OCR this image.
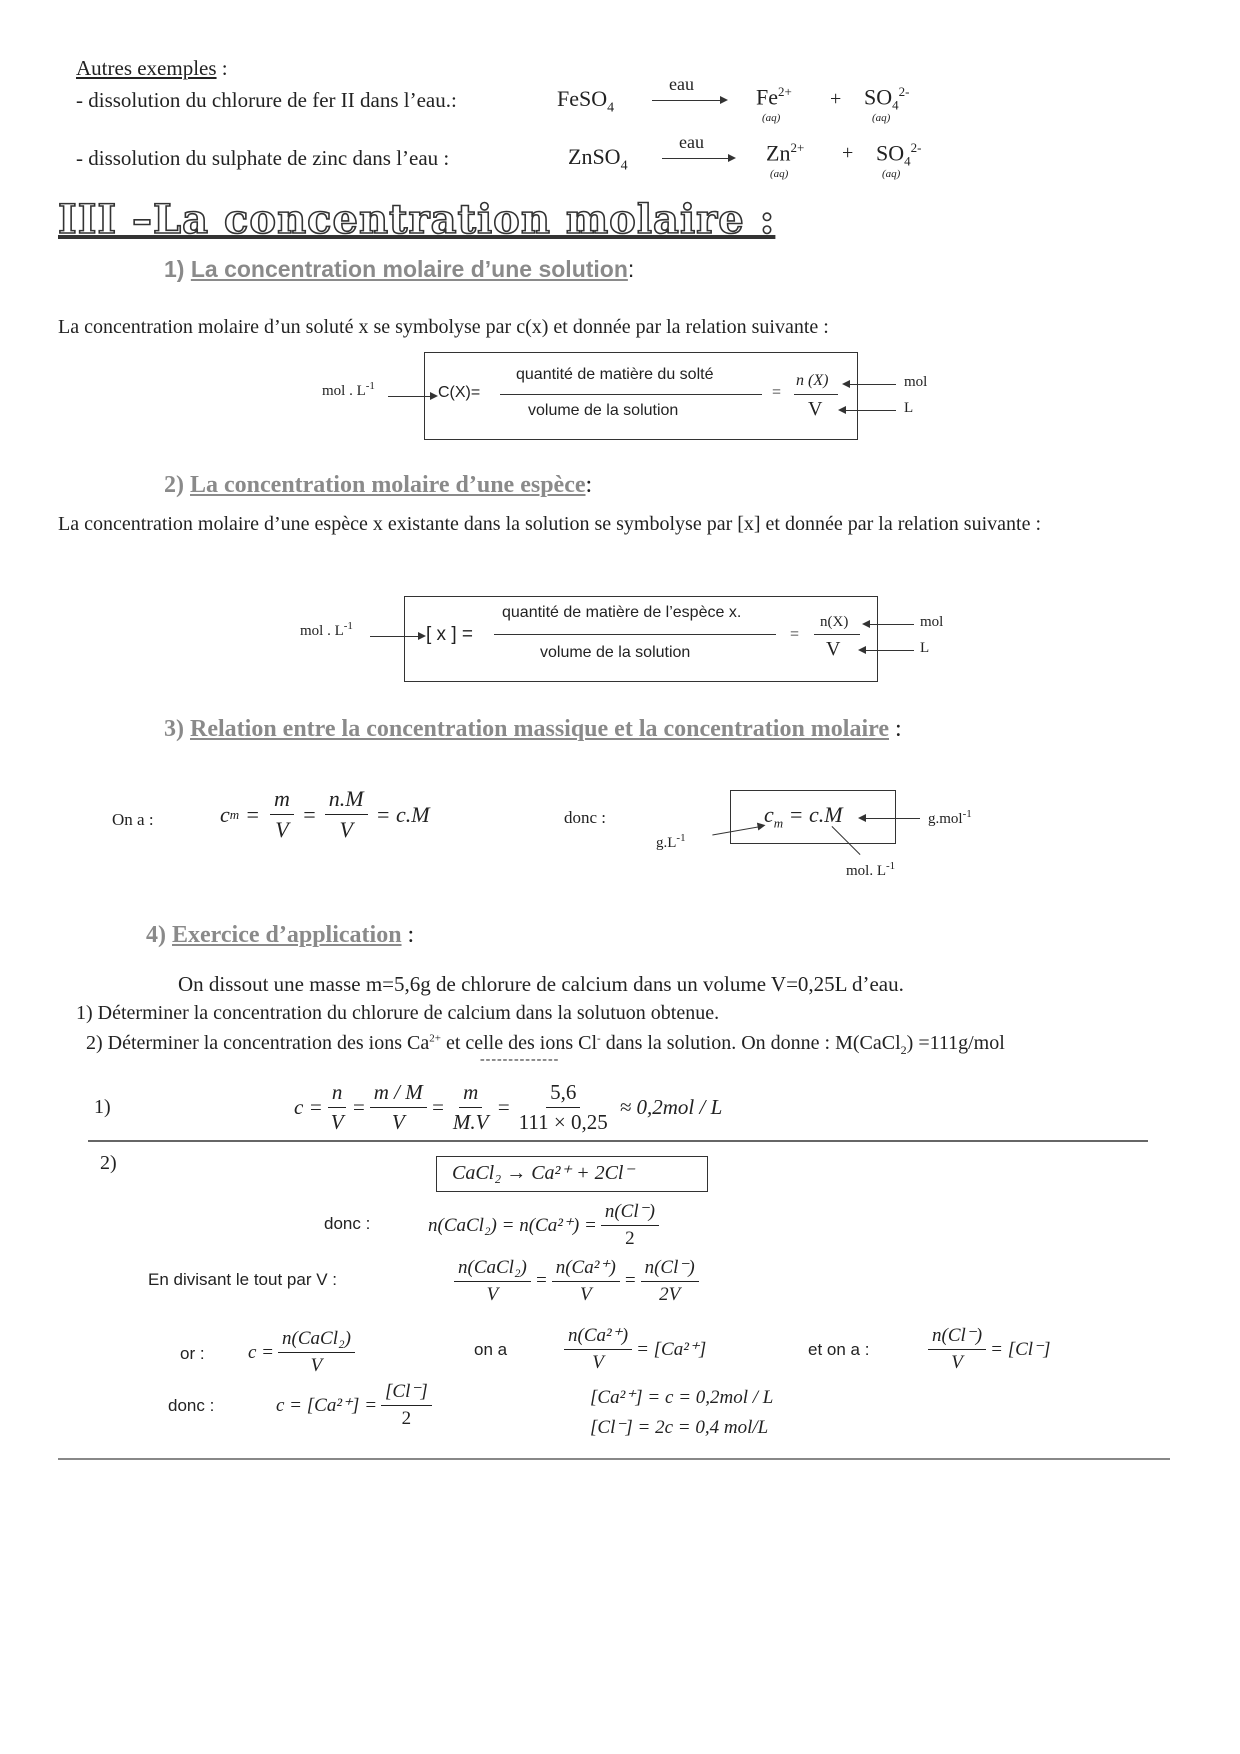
Autres exemples :
- dissolution du chlorure de fer II dans l’eau.:	FeSO$_4$
eau
$Fe^{2+}$
(aq)
+ $SO_4^{2-}$
(aq)
- dissolution du sulphate de zinc dans l’eau :	ZnSO$_4$
eau	$Zn^{2+}$
(aq)
+ $SO_4^{2-}$
(aq)
III –La concentration molaire :
1) La concentration molaire d’une solution:
La concentration molaire d’un soluté x se symbolyse par c(x) et donnée par la relation suivante :
mol . $L^{-1}$	C(X)=
quantité de matière du solté
volume de la solution
=
n (X)
V
mol
L
2) La concentration molaire d’une espèce:
La concentration molaire d’une espèce x existante dans la solution se symbolyse par [x] et donnée par la relation suivante :
mol . $L^{-1}$	[ x ] =
quantité de matière de l’espèce x.
volume de la solution
=
n(X)
V
mol
L
3) Relation entre la concentration massique et la concentration molaire :
On a :	c $m = \frac{m}{V} = \frac{n.M}{V} = c.M$	donc :	$c_m = c.M$
$g.L^{-1}$
g.mol$^{-1}$
mol. $L^{-1}$
4) Exercice d’application :
On dissout une masse m=5,6g de chlorure de calcium dans un volume V=0,25L d’eau.
1) Déterminer la concentration du chlorure de calcium dans la solutuon obtenue.
2) Déterminer la concentration des ions $Ca^{2+}$ et celle des ions Cl- dans la solution. On donne : M(CaCl$_2$) =111g/mol
--------------
1)	$c = \frac{n}{V} = \frac{m / M}{V} = \frac{m}{M.V} = \frac{5,6}{111 \times 0,25} \approx 0,2mol / L$
2)	CaCl₂ → Ca²⁺ + 2Cl⁻
donc :	n(CaCl₂) = $n(Ca^{2+}) = \frac{n(Cl^-)}{2}$
En divisant le tout par V :	$\frac{\text{n(CaCl₂)}}{V} = \frac{\text{n(Ca²⁺)}}{V} = \frac{n(Cl^-)}{2V}$
or : $c = \frac{\text{n(CaCl₂)}}{V}$	on a	$\frac{\text{n(Ca²⁺)}}{V} = [Ca^{2+}]$	et on a :	$\frac{n(Cl^-)}{V} = [Cl^-]$
donc :	$c = [Ca^{2+}] = \frac{[Cl^-]}{2}$	[Ca²⁺] = c = 0,2mol / L
[Cl⁻] = 2c = 0,4 mol/L
